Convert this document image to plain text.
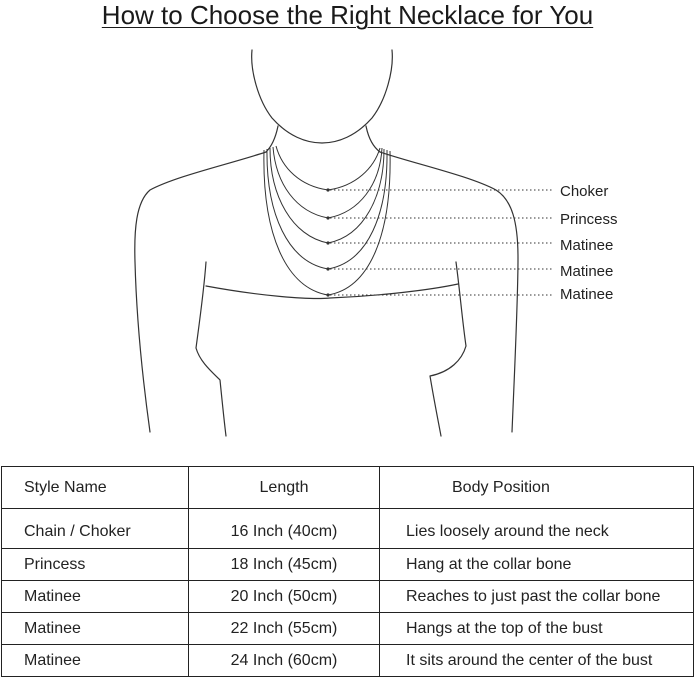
How to Choose the Right Necklace for You
Choker
Princess
Matinee
Matinee
Matinee
Style Name	Length	Body Position
Chain / Choker	16 Inch (40cm)	Lies loosely around the neck
Princess	18 Inch (45cm)	Hang at the collar bone
Matinee	20 Inch (50cm)	Reaches to just past the collar bone
Matinee	22 Inch (55cm)	Hangs at the top of the bust
Matinee	24 Inch (60cm)	It sits around the center of the bust
